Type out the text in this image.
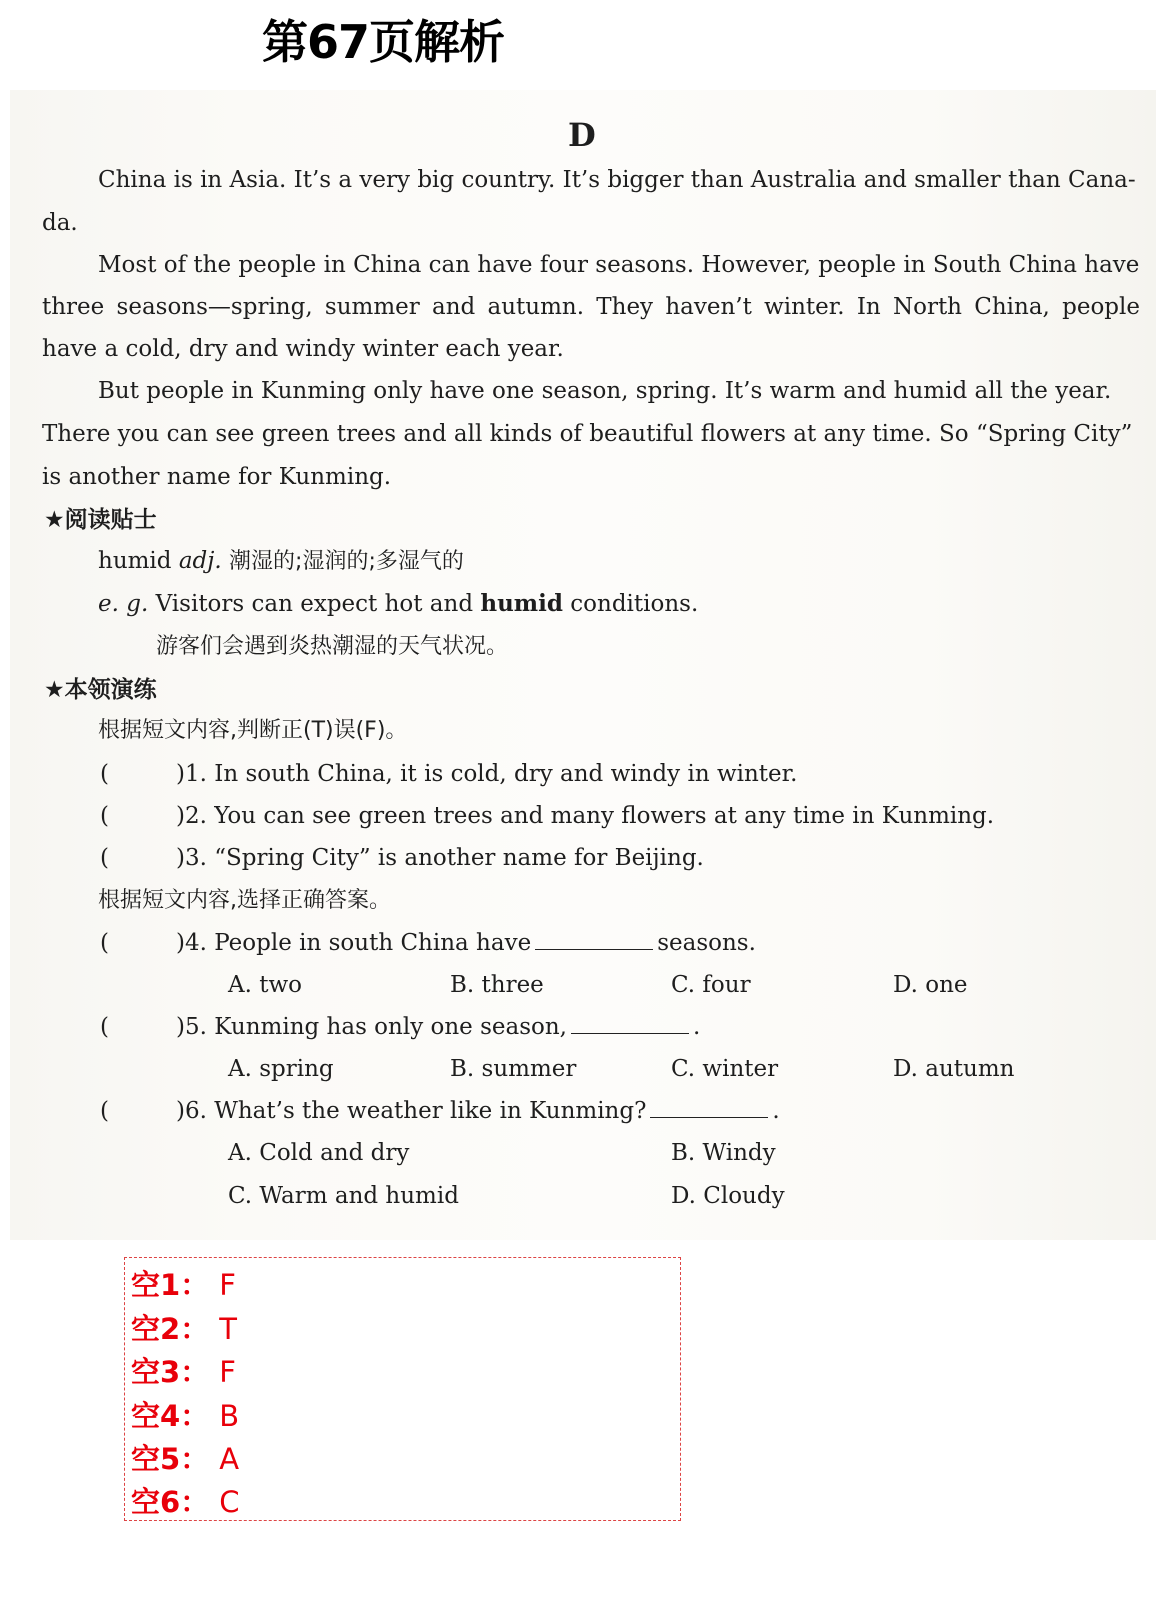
第67页解析
D
China is in Asia. It’s a very big country. It’s bigger than Australia and smaller than Cana-
da.
Most of the people in China can have four seasons. However, people in South China have
three seasons—spring, summer and autumn. They haven’t winter. In North China, people
have a cold, dry and windy winter each year.
But people in Kunming only have one season, spring. It’s warm and humid all the year.
There you can see green trees and all kinds of beautiful flowers at any time. So “Spring City”
is another name for Kunming.
★阅读贴士
humid adj. 潮湿的;湿润的;多湿气的
e. g. Visitors can expect hot and humid conditions.
游客们会遇到炎热潮湿的天气状况。
★本领演练
根据短文内容,判断正(T)误(F)。
(	)1. In south China, it is cold, dry and windy in winter.
(	)2. You can see green trees and many flowers at any time in Kunming.
(	)3. “Spring City” is another name for Beijing.
根据短文内容,选择正确答案。
(	)4. People in south China have	seasons.
A. two	B. three	C. four	D. one
(	)5. Kunming has only one season,	.
A. spring	B. summer	C. winter	D. autumn
(	)6. What’s the weather like in Kunming?	.
A. Cold and dry	B. Windy
C. Warm and humid	D. Cloudy
空1： F
空2： T
空3： F
空4： B
空5： A
空6： C
